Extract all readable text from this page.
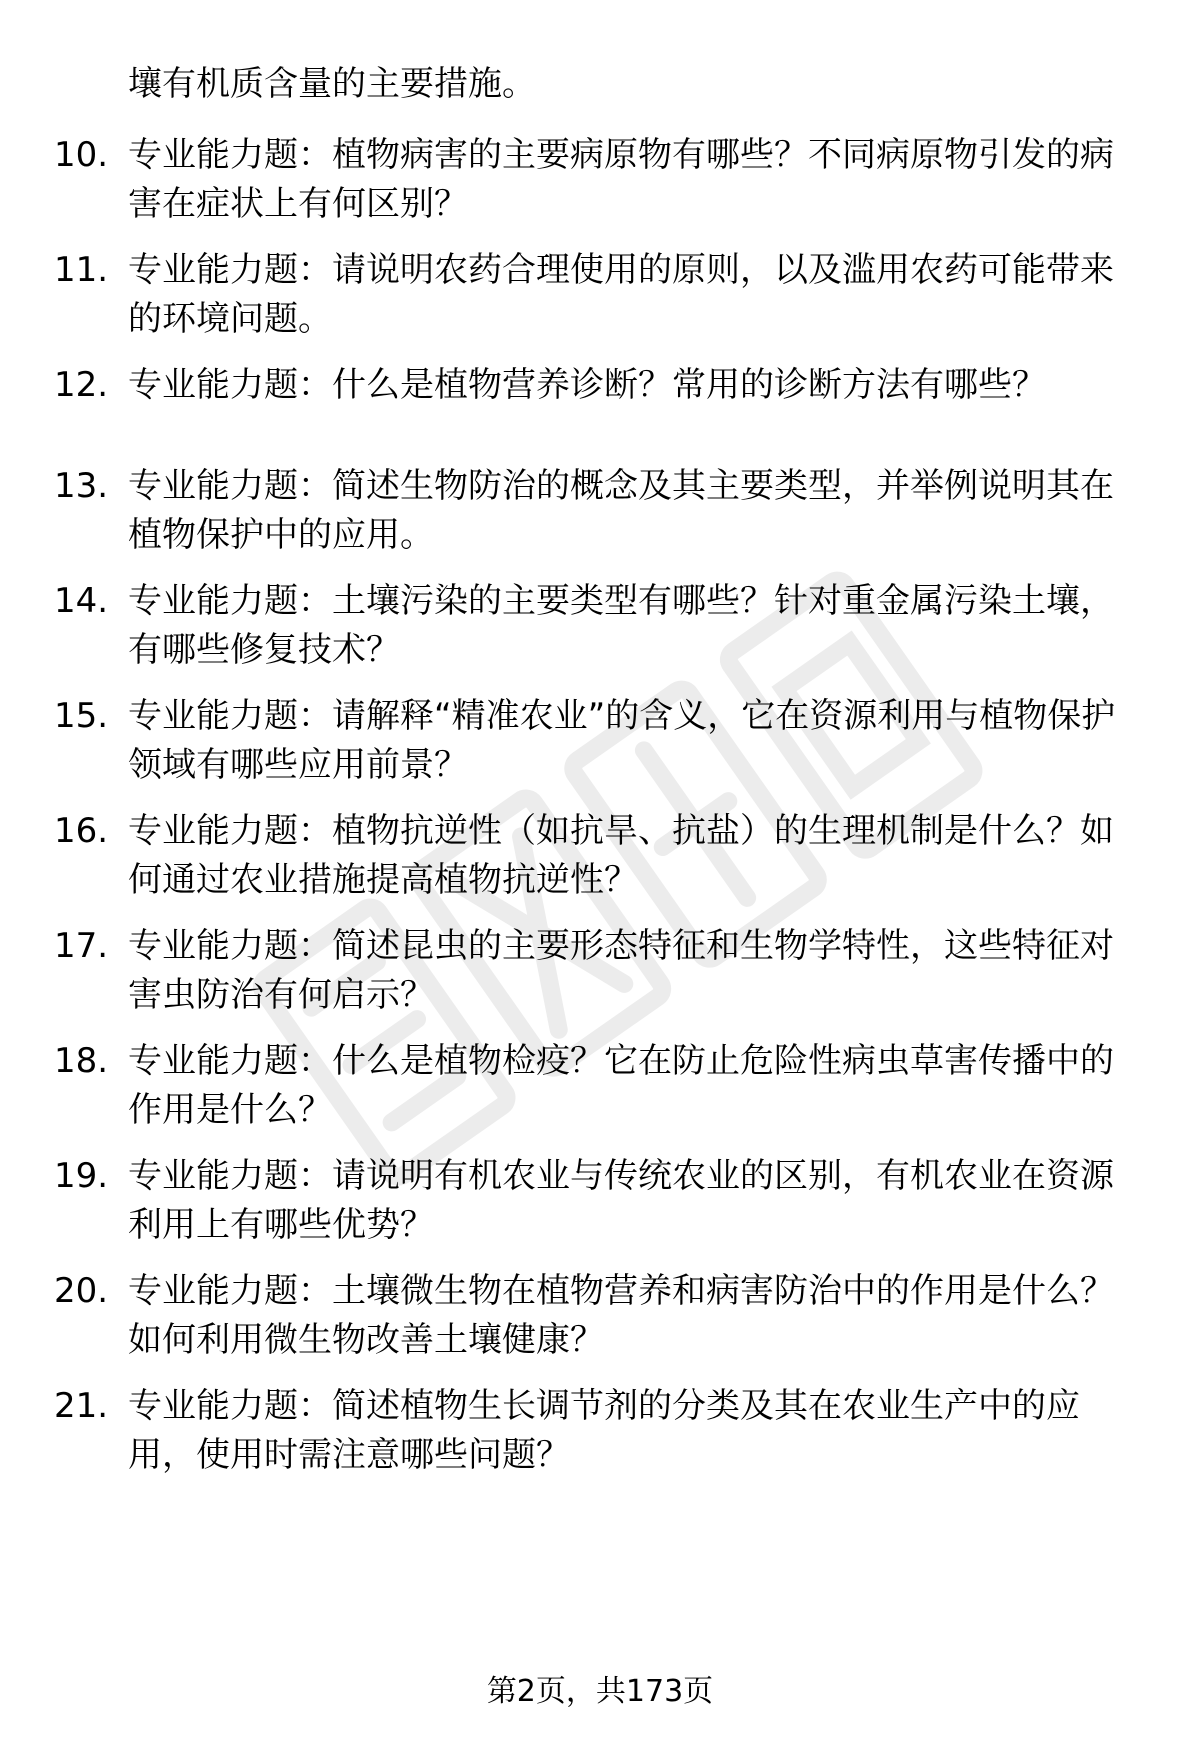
壤有机质含量的主要措施。

10. 专业能力题：植物病害的主要病原物有哪些？不同病原物引发的病害在症状上有何区别？

11. 专业能力题：请说明农药合理使用的原则，以及滥用农药可能带来的环境问题。

12. 专业能力题：什么是植物营养诊断？常用的诊断方法有哪些？

13. 专业能力题：简述生物防治的概念及其主要类型，并举例说明其在植物保护中的应用。

14. 专业能力题：土壤污染的主要类型有哪些？针对重金属污染土壤，有哪些修复技术？

15. 专业能力题：请解释“精准农业”的含义，它在资源利用与植物保护领域有哪些应用前景？

16. 专业能力题：植物抗逆性（如抗旱、抗盐）的生理机制是什么？如何通过农业措施提高植物抗逆性？

17. 专业能力题：简述昆虫的主要形态特征和生物学特性，这些特征对害虫防治有何启示？

18. 专业能力题：什么是植物检疫？它在防止危险性病虫草害传播中的作用是什么？

19. 专业能力题：请说明有机农业与传统农业的区别，有机农业在资源利用上有哪些优势？

20. 专业能力题：土壤微生物在植物营养和病害防治中的作用是什么？如何利用微生物改善土壤健康？

21. 专业能力题：简述植物生长调节剂的分类及其在农业生产中的应用，使用时需注意哪些问题？

第2页，共173页
